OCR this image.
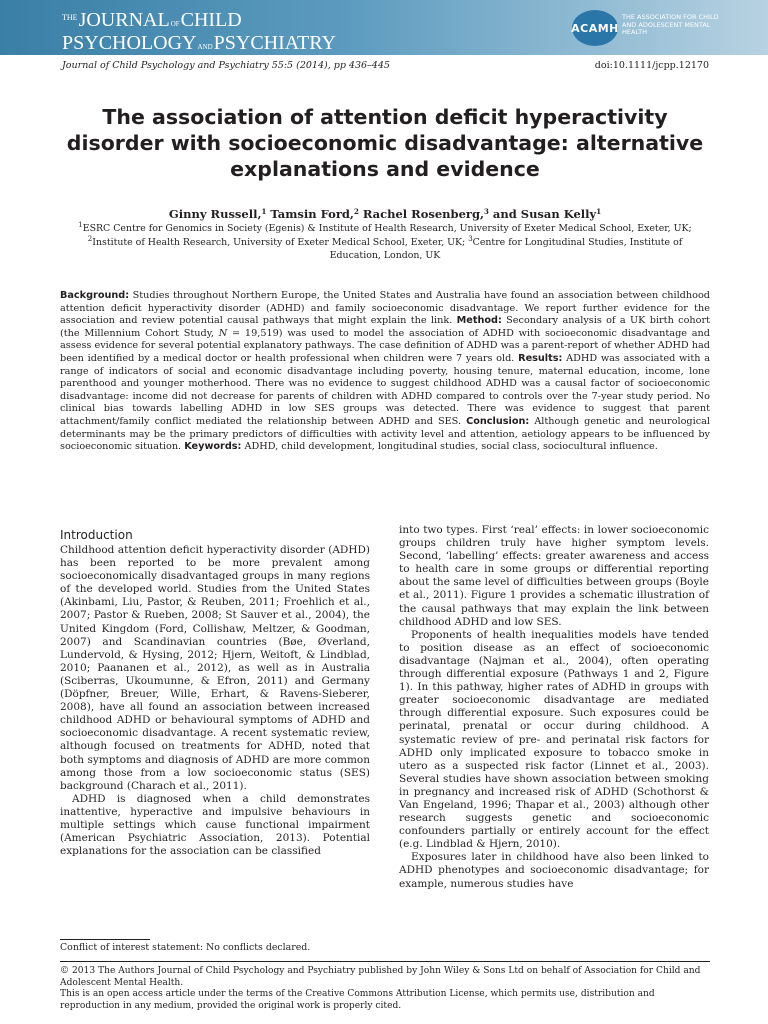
$^{THE}$JOURNALOFCHILD
PSYCHOLOGYANDPSYCHIATRY
ACAMH
THE ASSOCIATION FOR CHILD AND ADOLESCENT MENTAL HEALTH
Journal of Child Psychology and Psychiatry 55:5 (2014), pp 436–445	doi:10.1111/jcpp.12170
The association of attention deficit hyperactivity disorder with socioeconomic disadvantage: alternative explanations and evidence
Ginny Russell,$^1$ Tamsin Ford,$^2$ Rachel Rosenberg,$^3$ and Susan Kelly$^1$
$^1$ESRC Centre for Genomics in Society (Egenis) & Institute of Health Research, University of Exeter Medical School, Exeter, UK; $^2$Institute of Health Research, University of Exeter Medical School, Exeter, UK; $^3$Centre for Longitudinal Studies, Institute of Education, London, UK
Background: Studies throughout Northern Europe, the United States and Australia have found an association between childhood attention deficit hyperactivity disorder (ADHD) and family socioeconomic disadvantage. We report further evidence for the association and review potential causal pathways that might explain the link. Method: Secondary analysis of a UK birth cohort (the Millennium Cohort Study, N = 19,519) was used to model the association of ADHD with socioeconomic disadvantage and assess evidence for several potential explanatory pathways. The case definition of ADHD was a parent-report of whether ADHD had been identified by a medical doctor or health professional when children were 7 years old. Results: ADHD was associated with a range of indicators of social and economic disadvantage including poverty, housing tenure, maternal education, income, lone parenthood and younger motherhood. There was no evidence to suggest childhood ADHD was a causal factor of socioeconomic disadvantage: income did not decrease for parents of children with ADHD compared to controls over the 7-year study period. No clinical bias towards labelling ADHD in low SES groups was detected. There was evidence to suggest that parent attachment/family conflict mediated the relationship between ADHD and SES. Conclusion: Although genetic and neurological determinants may be the primary predictors of difficulties with activity level and attention, aetiology appears to be influenced by socioeconomic situation. Keywords: ADHD, child development, longitudinal studies, social class, sociocultural influence.
Introduction

Childhood attention deficit hyperactivity disorder (ADHD) has been reported to be more prevalent among socioeconomically disadvantaged groups in many regions of the developed world. Studies from the United States (Akinbami, Liu, Pastor, & Reuben, 2011; Froehlich et al., 2007; Pastor & Rueben, 2008; St Sauver et al., 2004), the United Kingdom (Ford, Collishaw, Meltzer, & Goodman, 2007) and Scandinavian countries (Bøe, Øverland, Lundervold, & Hysing, 2012; Hjern, Weitoft, & Lindblad, 2010; Paananen et al., 2012), as well as in Australia (Sciberras, Ukoumunne, & Efron, 2011) and Germany (Döpfner, Breuer, Wille, Erhart, & Ravens-Sieberer, 2008), have all found an association between increased childhood ADHD or behavioural symptoms of ADHD and socioeconomic disadvantage. A recent systematic review, although focused on treatments for ADHD, noted that both symptoms and diagnosis of ADHD are more common among those from a low socioeconomic status (SES) background (Charach et al., 2011).

ADHD is diagnosed when a child demonstrates inattentive, hyperactive and impulsive behaviours in multiple settings which cause functional impairment (American Psychiatric Association, 2013). Potential explanations for the association can be classified

into two types. First ‘real’ effects: in lower socioeconomic groups children truly have higher symptom levels. Second, ‘labelling’ effects: greater awareness and access to health care in some groups or differential reporting about the same level of difficulties between groups (Boyle et al., 2011). Figure 1 provides a schematic illustration of the causal pathways that may explain the link between childhood ADHD and low SES.

Proponents of health inequalities models have tended to position disease as an effect of socioeconomic disadvantage (Najman et al., 2004), often operating through differential exposure (Pathways 1 and 2, Figure 1). In this pathway, higher rates of ADHD in groups with greater socioeconomic disadvantage are mediated through differential exposure. Such exposures could be perinatal, prenatal or occur during childhood. A systematic review of pre- and perinatal risk factors for ADHD only implicated exposure to tobacco smoke in utero as a suspected risk factor (Linnet et al., 2003). Several studies have shown association between smoking in pregnancy and increased risk of ADHD (Schothorst & Van Engeland, 1996; Thapar et al., 2003) although other research suggests genetic and socioeconomic confounders partially or entirely account for the effect (e.g. Lindblad & Hjern, 2010).

Exposures later in childhood have also been linked to ADHD phenotypes and socioeconomic disadvantage; for example, numerous studies have

Conflict of interest statement: No conflicts declared.
© 2013 The Authors Journal of Child Psychology and Psychiatry published by John Wiley & Sons Ltd on behalf of Association for Child and Adolescent Mental Health.
This is an open access article under the terms of the Creative Commons Attribution License, which permits use, distribution and reproduction in any medium, provided the original work is properly cited.
